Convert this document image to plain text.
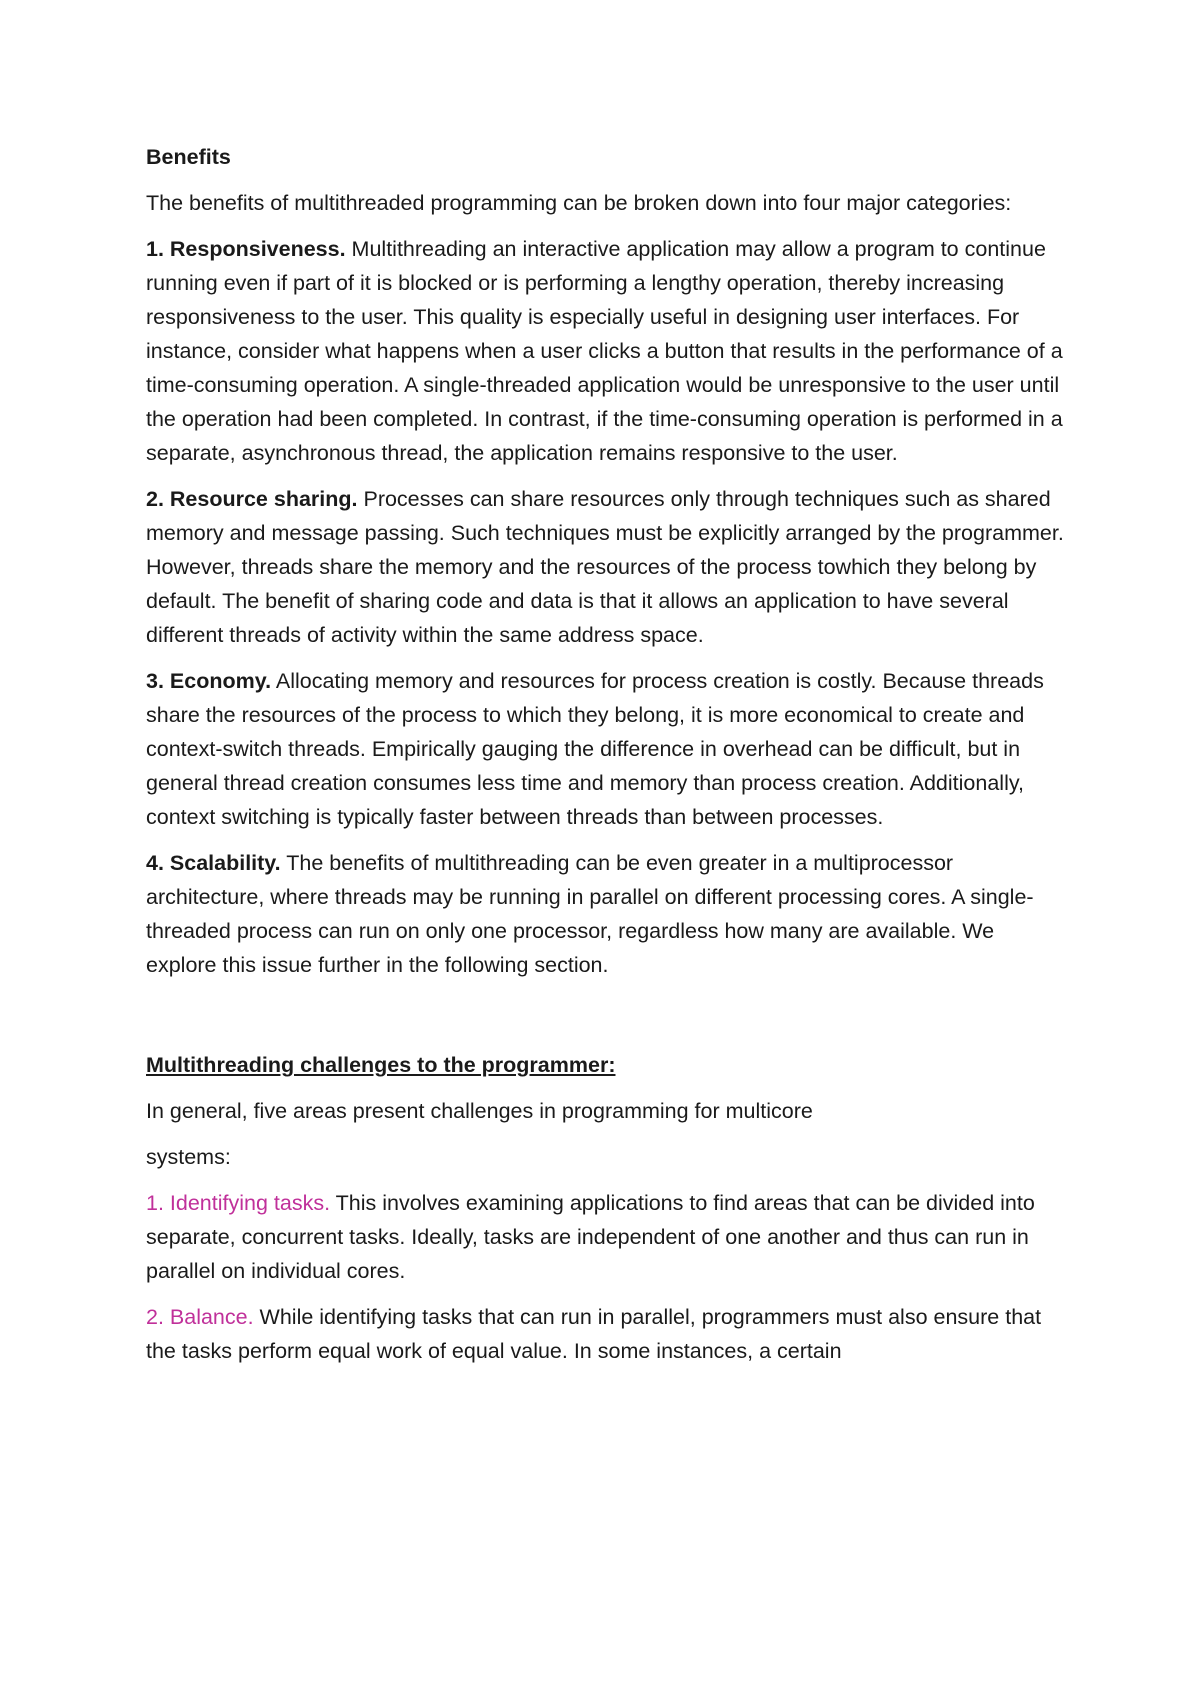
Benefits

The benefits of multithreaded programming can be broken down into four major categories:

1. Responsiveness. Multithreading an interactive application may allow a program to continue running even if part of it is blocked or is performing a lengthy operation, thereby increasing responsiveness to the user. This quality is especially useful in designing user interfaces. For instance, consider what happens when a user clicks a button that results in the performance of a time-consuming operation. A single-threaded application would be unresponsive to the user until the operation had been completed. In contrast, if the time-consuming operation is performed in a separate, asynchronous thread, the application remains responsive to the user.

2. Resource sharing. Processes can share resources only through techniques such as shared memory and message passing. Such techniques must be explicitly arranged by the programmer. However, threads share the memory and the resources of the process towhich they belong by default. The benefit of sharing code and data is that it allows an application to have several different threads of activity within the same address space.

3. Economy. Allocating memory and resources for process creation is costly. Because threads share the resources of the process to which they belong, it is more economical to create and context-switch threads. Empirically gauging the difference in overhead can be difficult, but in general thread creation consumes less time and memory than process creation. Additionally, context switching is typically faster between threads than between processes.

4. Scalability. The benefits of multithreading can be even greater in a multiprocessor architecture, where threads may be running in parallel on different processing cores. A single-threaded process can run on only one processor, regardless how many are available. We explore this issue further in the following section.

Multithreading challenges to the programmer:

In general, five areas present challenges in programming for multicore

systems:

1. Identifying tasks. This involves examining applications to find areas that can be divided into separate, concurrent tasks. Ideally, tasks are independent of one another and thus can run in parallel on individual cores.

2. Balance. While identifying tasks that can run in parallel, programmers must also ensure that the tasks perform equal work of equal value. In some instances, a certain
